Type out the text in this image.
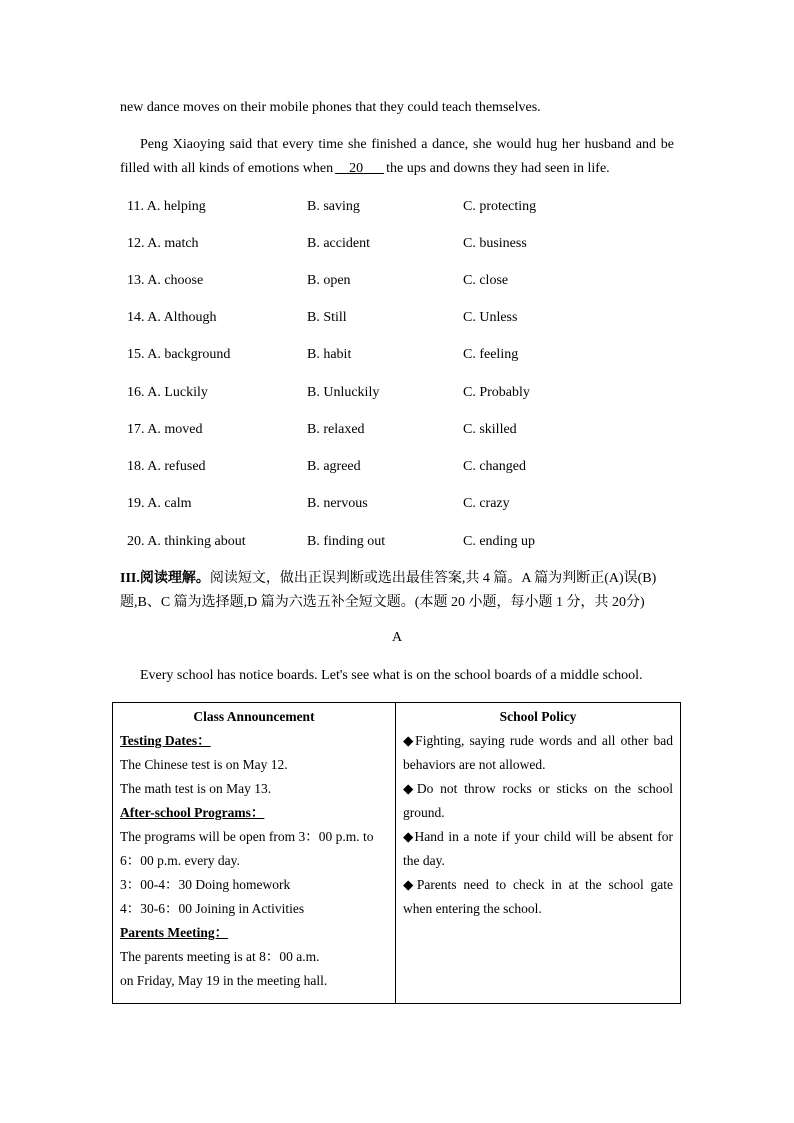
new dance moves on their mobile phones that they could teach themselves.
Peng Xiaoying said that every time she finished a dance, she would hug her husband and be filled with all kinds of emotions when 20 the ups and downs they had seen in life.
11. A. helping	B. saving	C. protecting
12. A. match	B. accident	C. business
13. A. choose	B. open	C. close
14. A. Although	B. Still	C. Unless
15. A. background	B. habit	C. feeling
16. A. Luckily	B. Unluckily	C. Probably
17. A. moved	B. relaxed	C. skilled
18. A. refused	B. agreed	C. changed
19. A. calm	B. nervous	C. crazy
20. A. thinking about	B. finding out	C. ending up
III.阅读理解。阅读短文，做出正误判断或选出最佳答案,共 4 篇。A 篇为判断正(A)误(B)题,B、C 篇为选择题,D 篇为六选五补全短文题。(本题 20 小题，每小题 1 分，共 20分)
A
Every school has notice boards. Let's see what is on the school boards of a middle school.
Class Announcement
Testing Dates：
The Chinese test is on May 12.
The math test is on May 13.
After-school Programs：
The programs will be open from 3：00 p.m. to 6：00 p.m. every day.
3：00-4：30 Doing homework
4：30-6：00 Joining in Activities
Parents Meeting：
The parents meeting is at 8：00 a.m.
on Friday, May 19 in the meeting hall.

School Policy
◆Fighting, saying rude words and all other bad behaviors are not allowed.
◆Do not throw rocks or sticks on the school ground.
◆Hand in a note if your child will be absent for the day.
◆Parents need to check in at the school gate when entering the school.
